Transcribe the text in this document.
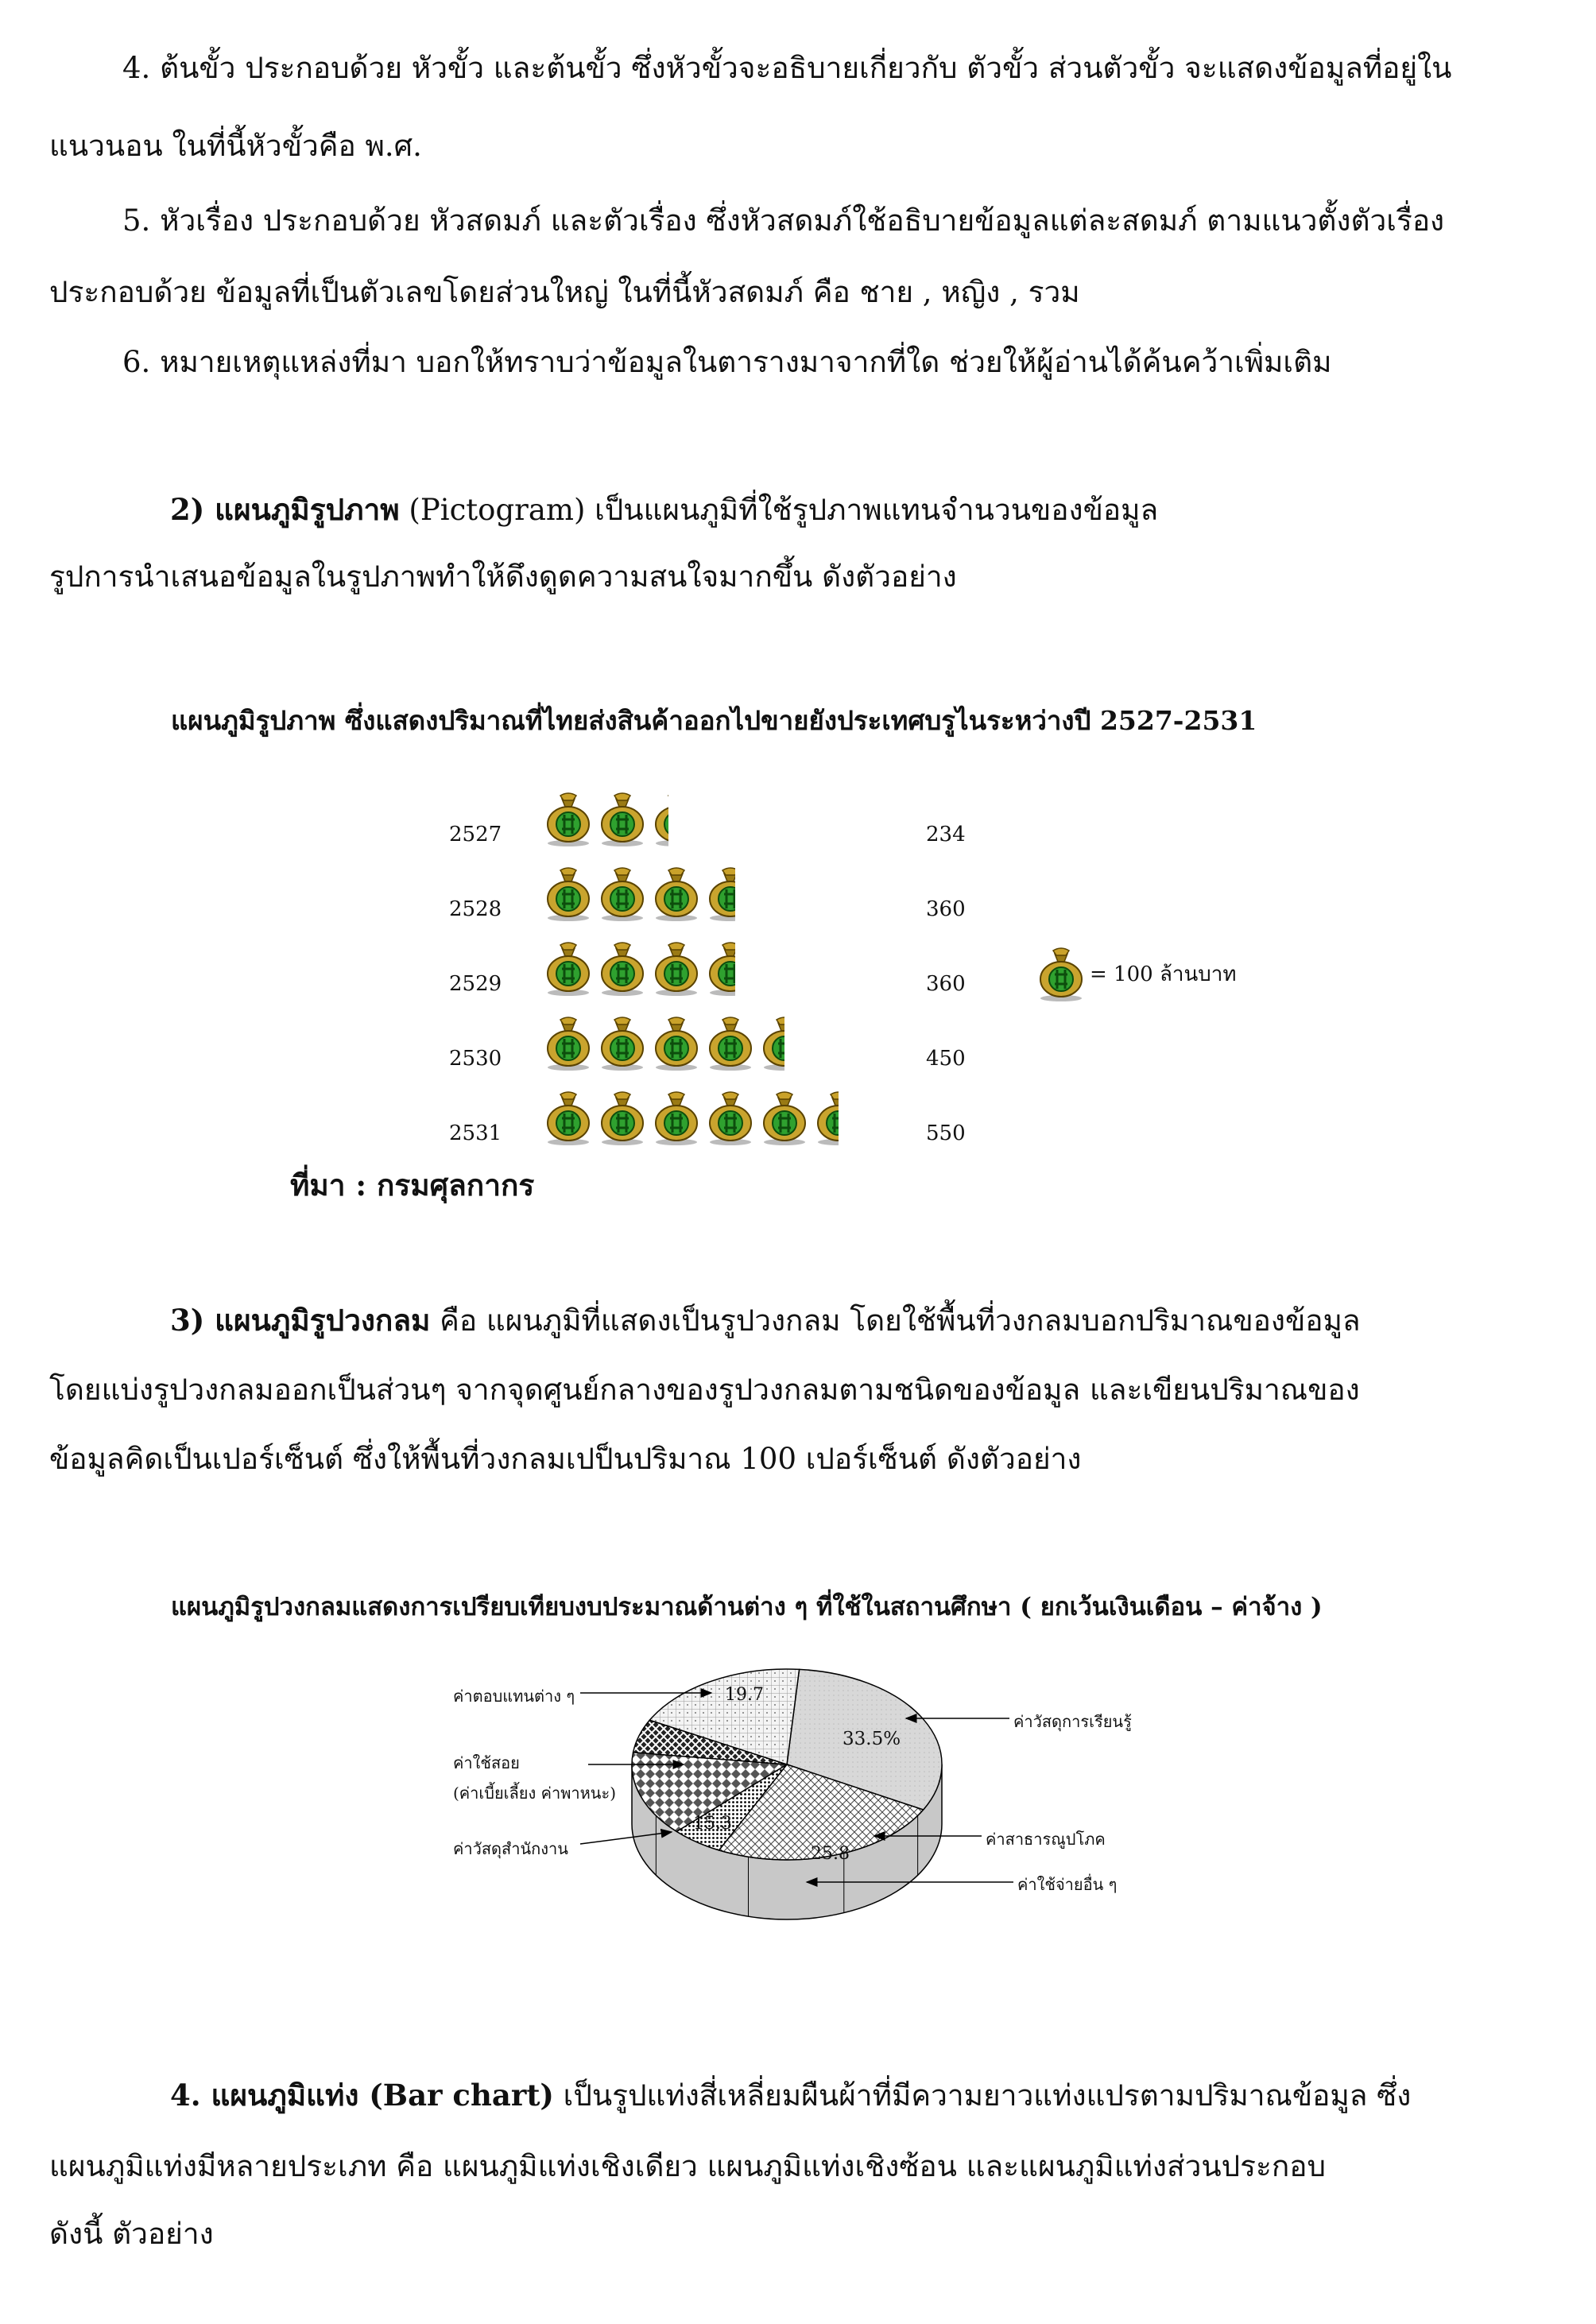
4. ต้นขั้ว ประกอบด้วย หัวขั้ว และต้นขั้ว ซึ่งหัวขั้วจะอธิบายเกี่ยวกับ ตัวขั้ว ส่วนตัวขั้ว จะแสดงข้อมูลที่อยู่ใน

แนวนอน ในที่นี้หัวขั้วคือ พ.ศ.

5. หัวเรื่อง ประกอบด้วย หัวสดมภ์ และตัวเรื่อง ซึ่งหัวสดมภ์ใช้อธิบายข้อมูลแต่ละสดมภ์ ตามแนวตั้งตัวเรื่อง

ประกอบด้วย ข้อมูลที่เป็นตัวเลขโดยส่วนใหญ่ ในที่นี้หัวสดมภ์ คือ ชาย , หญิง , รวม

6. หมายเหตุแหล่งที่มา บอกให้ทราบว่าข้อมูลในตารางมาจากที่ใด ช่วยให้ผู้อ่านได้ค้นคว้าเพิ่มเติม

2) แผนภูมิรูปภาพ (Pictogram) เป็นแผนภูมิที่ใช้รูปภาพแทนจำนวนของข้อมูล

รูปการนำเสนอข้อมูลในรูปภาพทำให้ดึงดูดความสนใจมากขึ้น ดังตัวอย่าง

แผนภูมิรูปภาพ ซึ่งแสดงปริมาณที่ไทยส่งสินค้าออกไปขายยังประเทศบรูไนระหว่างปี 2527-2531
2527	234
2528	360
2529	360
2530	450
2531	550
= 100 ล้านบาท
ที่มา : กรมศุลกากร

3) แผนภูมิรูปวงกลม คือ แผนภูมิที่แสดงเป็นรูปวงกลม โดยใช้พื้นที่วงกลมบอกปริมาณของข้อมูล

โดยแบ่งรูปวงกลมออกเป็นส่วนๆ จากจุดศูนย์กลางของรูปวงกลมตามชนิดของข้อมูล และเขียนปริมาณของ

ข้อมูลคิดเป็นเปอร์เซ็นต์ ซึ่งให้พื้นที่วงกลมเปป็นปริมาณ 100 เปอร์เซ็นต์ ดังตัวอย่าง

แผนภูมิรูปวงกลมแสดงการเปรียบเทียบงบประมาณด้านต่าง ๆ ที่ใช้ในสถานศึกษา ( ยกเว้นเงินเดือน – ค่าจ้าง )
ค่าตอบแทนต่าง ๆ
ค่าใช้สอย
(ค่าเบี้ยเลี้ยง ค่าพาหนะ)
ค่าวัสดุสำนักงาน
ค่าวัสดุการเรียนรู้
ค่าสาธารณูปโภค
ค่าใช้จ่ายอื่น ๆ
19.7
33.5%
15.3
25.8

4. แผนภูมิแท่ง (Bar chart) เป็นรูปแท่งสี่เหลี่ยมผืนผ้าที่มีความยาวแท่งแปรตามปริมาณข้อมูล ซึ่ง

แผนภูมิแท่งมีหลายประเภท คือ แผนภูมิแท่งเชิงเดียว แผนภูมิแท่งเชิงซ้อน และแผนภูมิแท่งส่วนประกอบ

ดังนี้ ตัวอย่าง
